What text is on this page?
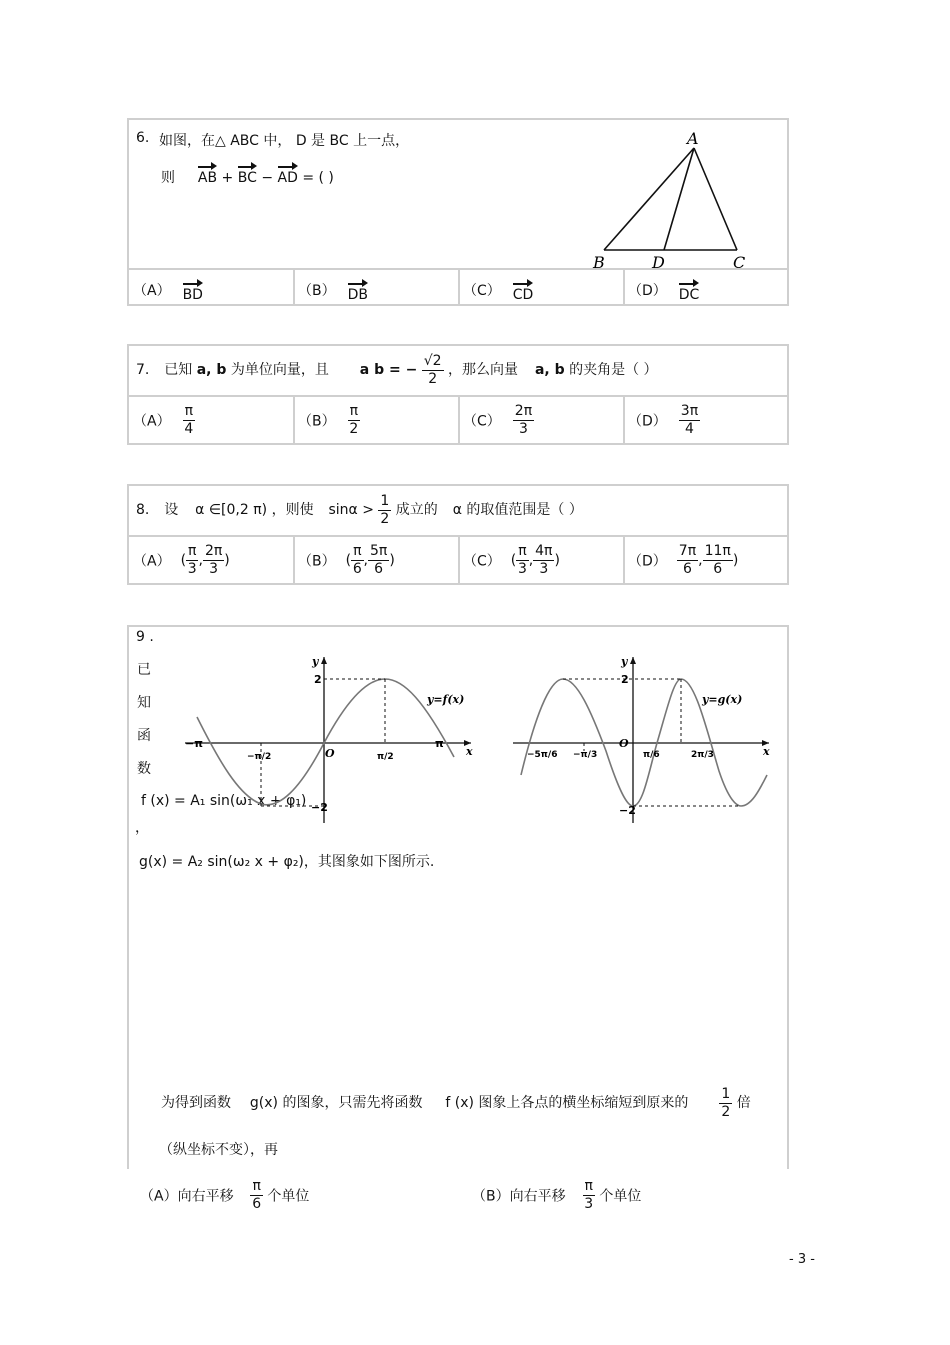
6. 如图，在△ ABC 中， D 是 BC 上一点，
则 AB + BC − AD = ( )
A
B	D	C
（A） BD	（B） DB	（C） CD	（D） DC
7. 已知 a, b 为单位向量，且 a b = − $\frac{√2}{2}$ ，那么向量 a, b 的夹角是（ ）
$(A) \frac{\pi}{4}$	$(B) \frac{\pi}{2}$	$(C) \frac{2\pi}{3}$	$(D) \frac{3\pi}{4}$
8. 设 α ∈[0,2 π) ，则使 $\sin\alpha > \frac{1}{2}$ 成立的 α 的取值范围是（ ）
（A） ( $\frac{\pi}{3}$ , $\frac{2\pi}{3}$ )	（B） ( $\frac{\pi}{6}$ , $\frac{5\pi}{6}$ )	（C） ( $\frac{\pi}{3}$ , $\frac{4\pi}{3}$ )	$(D) \frac{7\pi}{6}$ , $\frac{11\pi}{6}$ )
9 .
已
知
函
数
f (x) = A₁ sin(ω₁ x + φ₁)
，
g(x) = A₂ sin(ω₂ x + φ₂)，其图象如下图所示.
y
x
O
2
−2
−π
−π/2	π/2
π
y=f(x)
y
x
O
2
−2
−5π/6 −π/3	π/6	2π/3
y=g(x)
为得到函数 g(x) 的图象，只需先将函数 f (x) 图象上各点的横坐标缩短到原来的 $\frac{1}{2}$ 倍
（纵坐标不变），再
（A）向右平移 $\frac{\pi}{6}$ 个单位	（B）向右平移 $\frac{\pi}{3}$ 个单位
- 3 -
